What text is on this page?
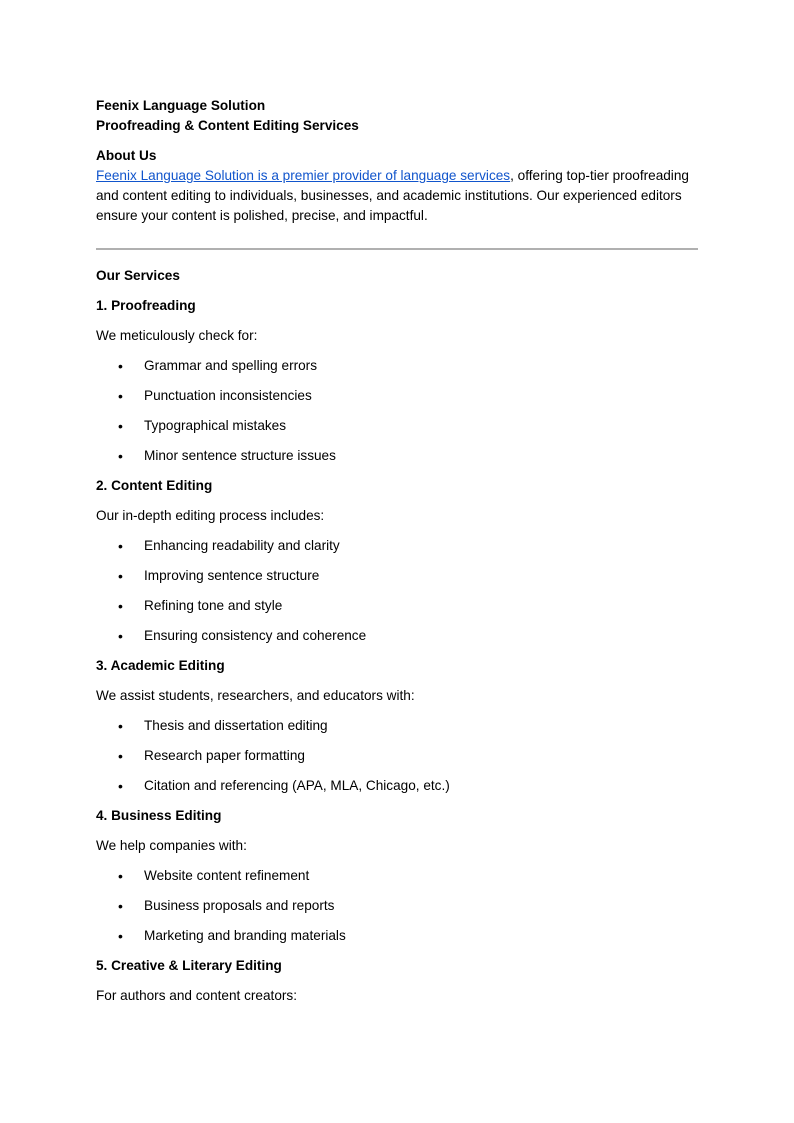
Feenix Language Solution

Proofreading & Content Editing Services

About Us

Feenix Language Solution is a premier provider of language services, offering top-tier proofreading and content editing to individuals, businesses, and academic institutions. Our experienced editors ensure your content is polished, precise, and impactful.

Our Services

1. Proofreading

We meticulously check for:

• Grammar and spelling errors
• Punctuation inconsistencies
• Typographical mistakes
• Minor sentence structure issues

2. Content Editing

Our in-depth editing process includes:

• Enhancing readability and clarity
• Improving sentence structure
• Refining tone and style
• Ensuring consistency and coherence

3. Academic Editing

We assist students, researchers, and educators with:

• Thesis and dissertation editing
• Research paper formatting
• Citation and referencing (APA, MLA, Chicago, etc.)

4. Business Editing

We help companies with:

• Website content refinement
• Business proposals and reports
• Marketing and branding materials

5. Creative & Literary Editing

For authors and content creators:
